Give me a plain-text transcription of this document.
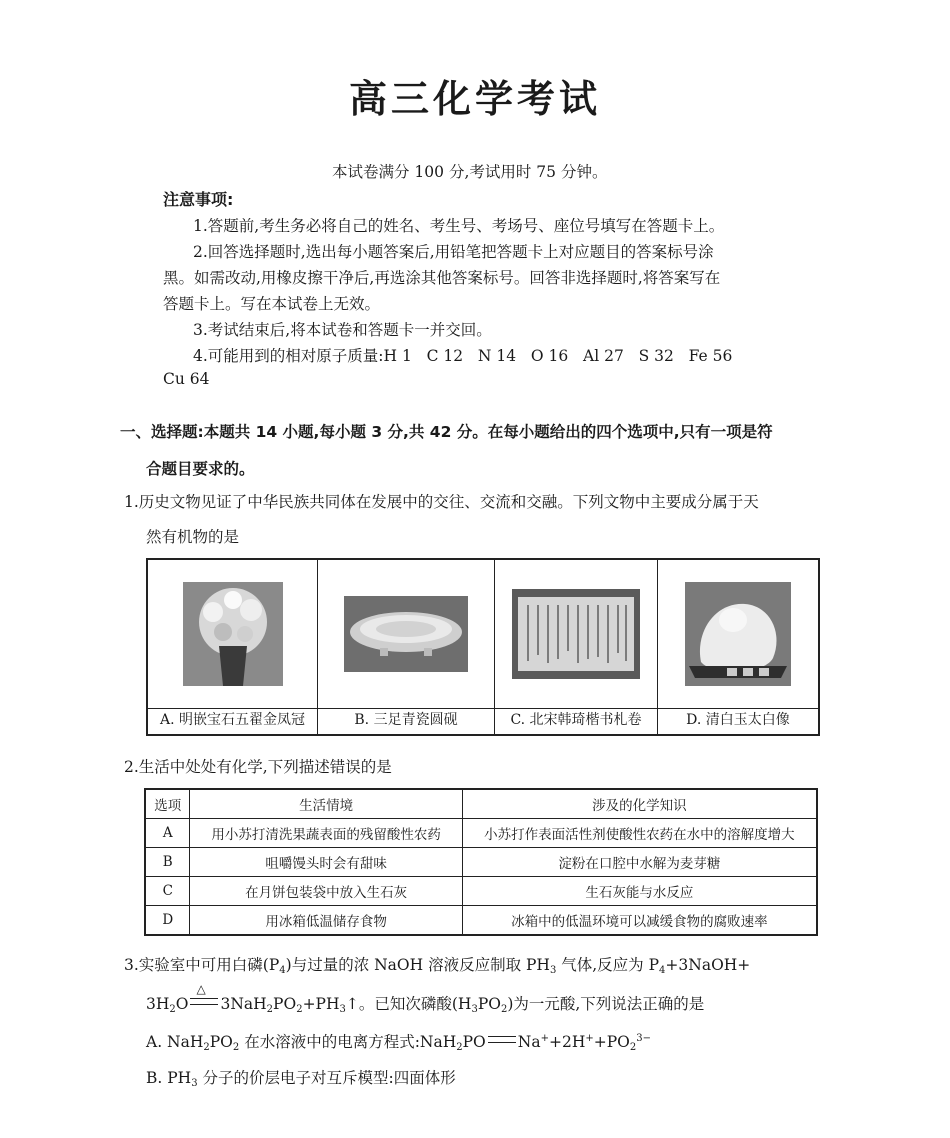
高三化学考试
本试卷满分 100 分,考试用时 75 分钟。
注意事项:
1.答题前,考生务必将自己的姓名、考生号、考场号、座位号填写在答题卡上。
2.回答选择题时,选出每小题答案后,用铅笔把答题卡上对应题目的答案标号涂
黑。如需改动,用橡皮擦干净后,再选涂其他答案标号。回答非选择题时,将答案写在
答题卡上。写在本试卷上无效。
3.考试结束后,将本试卷和答题卡一并交回。
4.可能用到的相对原子质量:H 1   C 12   N 14   O 16   Al 27   S 32   Fe 56
Cu 64
一、选择题:本题共 14 小题,每小题 3 分,共 42 分。在每小题给出的四个选项中,只有一项是符
合题目要求的。
1.历史文物见证了中华民族共同体在发展中的交往、交流和交融。下列文物中主要成分属于天
然有机物的是
A. 明嵌宝石五翟金凤冠	B. 三足青瓷圆砚	C. 北宋韩琦楷书札卷	D. 清白玉太白像
2.生活中处处有化学,下列描述错误的是
选项	生活情境	涉及的化学知识
A	用小苏打清洗果蔬表面的残留酸性农药	小苏打作表面活性剂使酸性农药在水中的溶解度增大
B	咀嚼馒头时会有甜味	淀粉在口腔中水解为麦芽糖
C	在月饼包装袋中放入生石灰	生石灰能与水反应
D	用冰箱低温储存食物	冰箱中的低温环境可以减缓食物的腐败速率
3.实验室中可用白磷$(P_4)$与过量的浓 NaOH 溶液反应制取 $PH_3$ 气体,反应为 $P_4+3NaOH+$
$3H_2O$
△
$3NaH_2PO_2+PH_3↑$。已知次磷酸$(H_3PO_2)$为一元酸,下列说法正确的是
A. $NaH_2PO_2$ 在水溶液中的电离方程式:NaH$_2$PO $Na^++2H^++PO_2^{3-}$
B. $PH_3$ 分子的价层电子对互斥模型:四面体形
